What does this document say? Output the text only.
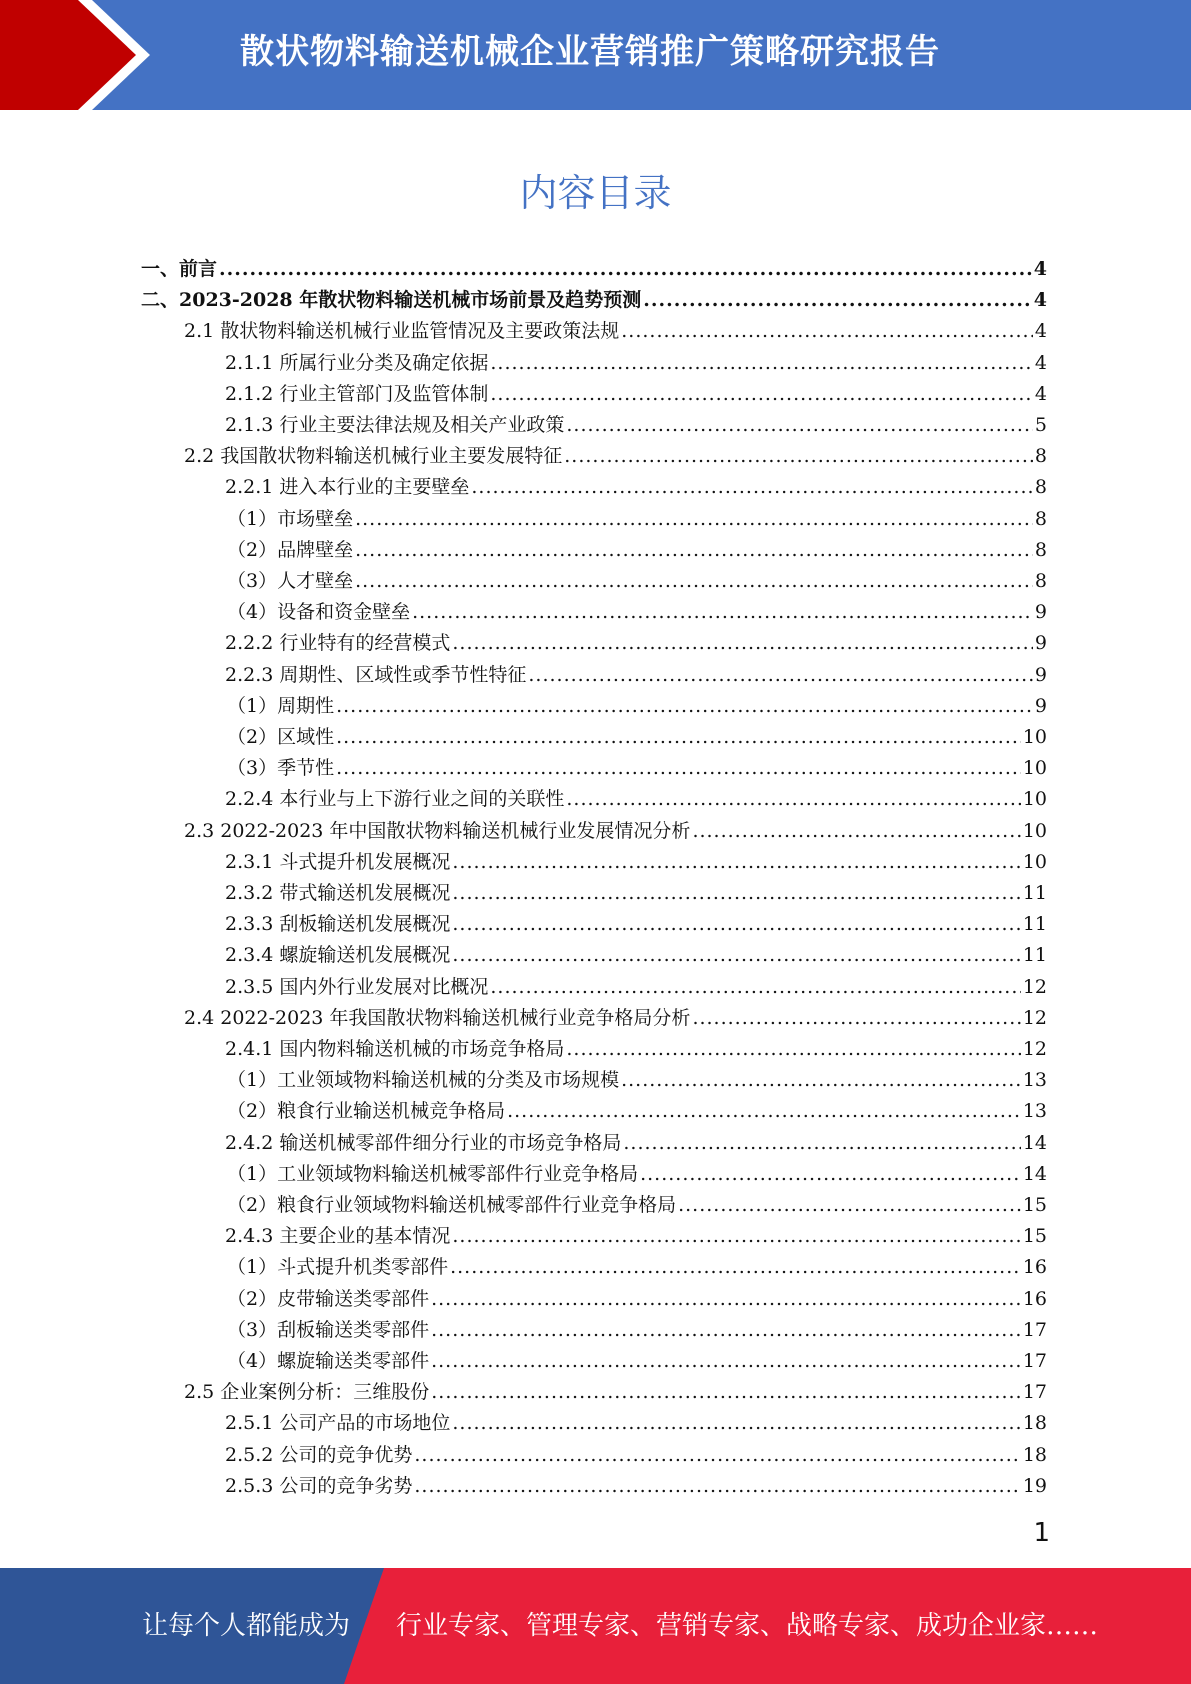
散状物料输送机械企业营销推广策略研究报告
内容目录
一、前言 .....	4
二、2023-2028 年散状物料输送机械市场前景及趋势预测 .....	4
2.1 散状物料输送机械行业监管情况及主要政策法规 .....	4
2.1.1 所属行业分类及确定依据 .....	4
2.1.2 行业主管部门及监管体制 .....	4
2.1.3 行业主要法律法规及相关产业政策 .....	5
2.2 我国散状物料输送机械行业主要发展特征 .....	8
2.2.1 进入本行业的主要壁垒 .....	8
（1）市场壁垒 .....	8
（2）品牌壁垒 .....	8
（3）人才壁垒 .....	8
（4）设备和资金壁垒 .....	9
2.2.2 行业特有的经营模式 .....	9
2.2.3 周期性、区域性或季节性特征 .....	9
（1）周期性 .....	9
（2）区域性 .....	10
（3）季节性 .....	10
2.2.4 本行业与上下游行业之间的关联性 .....	10
2.3 2022-2023 年中国散状物料输送机械行业发展情况分析 .....	10
2.3.1 斗式提升机发展概况 .....	10
2.3.2 带式输送机发展概况 .....	11
2.3.3 刮板输送机发展概况 .....	11
2.3.4 螺旋输送机发展概况 .....	11
2.3.5 国内外行业发展对比概况 .....	12
2.4 2022-2023 年我国散状物料输送机械行业竞争格局分析 .....	12
2.4.1 国内物料输送机械的市场竞争格局 .....	12
（1）工业领域物料输送机械的分类及市场规模 .....	13
（2）粮食行业输送机械竞争格局 .....	13
2.4.2 输送机械零部件细分行业的市场竞争格局 .....	14
（1）工业领域物料输送机械零部件行业竞争格局 .....	14
（2）粮食行业领域物料输送机械零部件行业竞争格局 .....	15
2.4.3 主要企业的基本情况 .....	15
（1）斗式提升机类零部件 .....	16
（2）皮带输送类零部件 .....	16
（3）刮板输送类零部件 .....	17
（4）螺旋输送类零部件 .....	17
2.5 企业案例分析：三维股份 .....	17
2.5.1 公司产品的市场地位 .....	18
2.5.2 公司的竞争优势 .....	18
2.5.3 公司的竞争劣势 .....	19
1
让每个人都能成为 行业专家、管理专家、营销专家、战略专家、成功企业家……
